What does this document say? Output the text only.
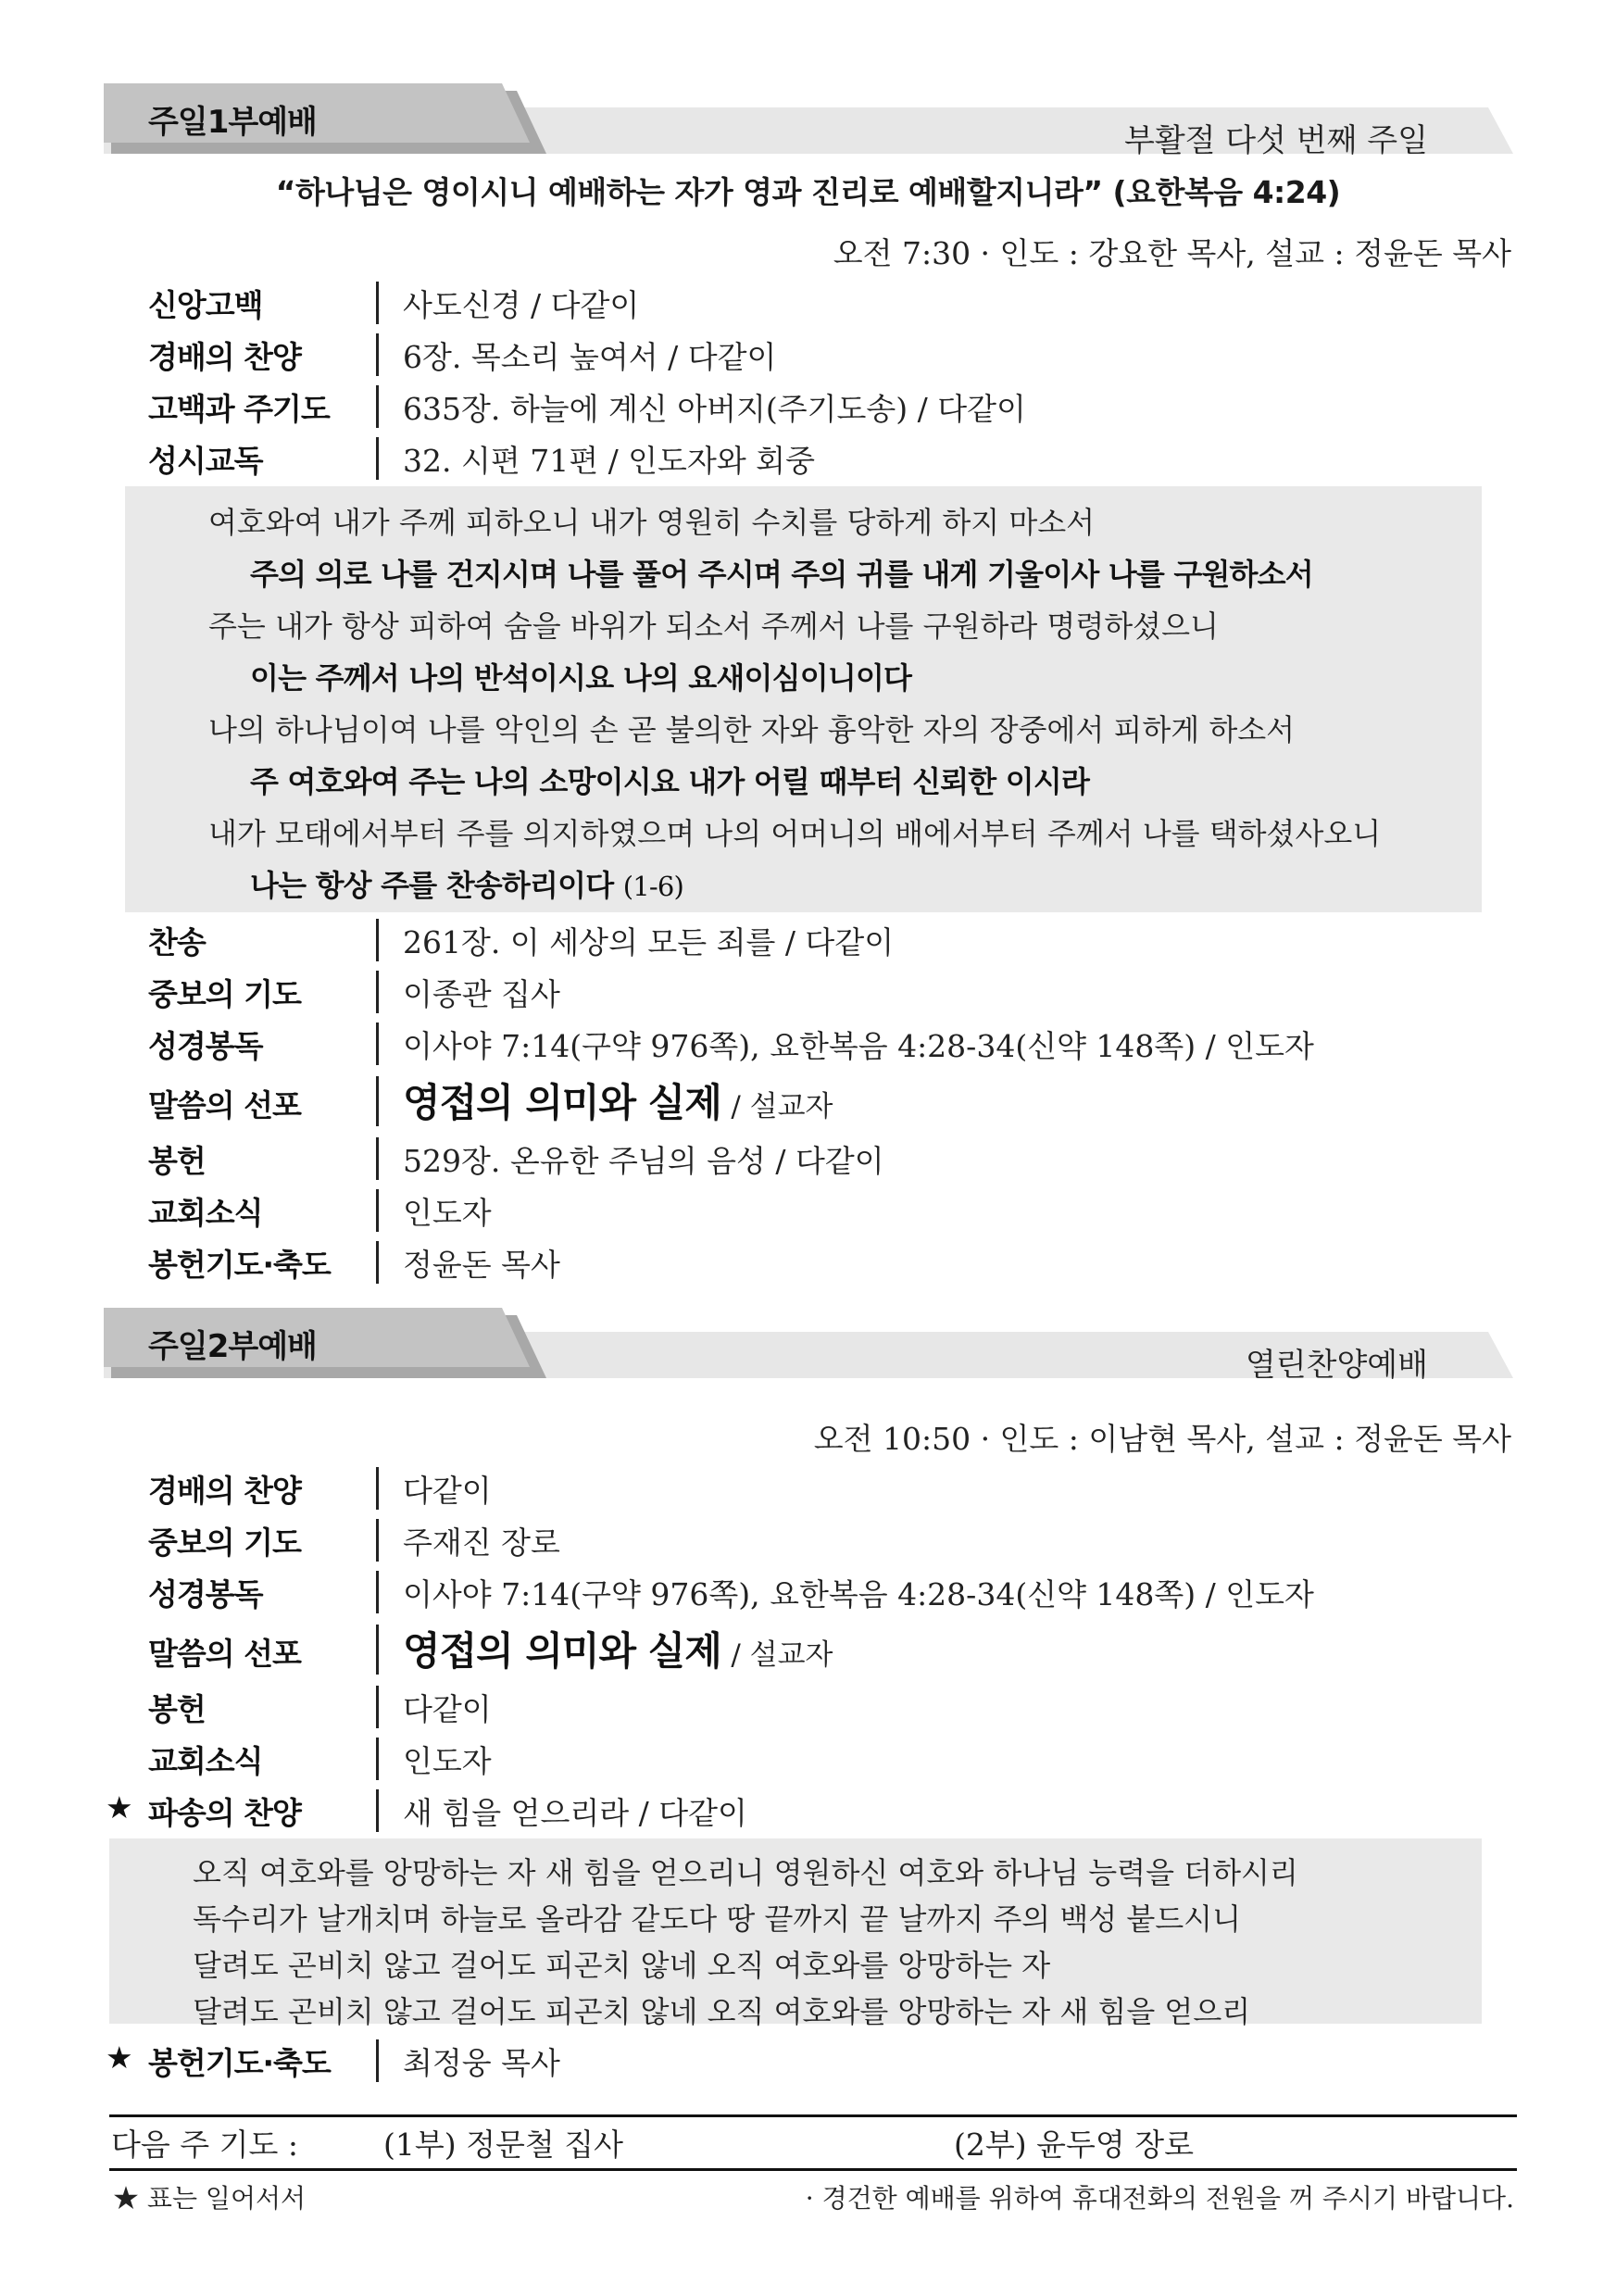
주일1부예배	부활절 다섯 번째 주일
“하나님은 영이시니 예배하는 자가 영과 진리로 예배할지니라” (요한복음 4:24)
오전 7:30 · 인도 : 강요한 목사, 설교 : 정윤돈 목사
신앙고백	사도신경 / 다같이
경배의 찬양	6장. 목소리 높여서 / 다같이
고백과 주기도	635장. 하늘에 계신 아버지(주기도송) / 다같이
성시교독	32. 시편 71편 / 인도자와 회중
여호와여 내가 주께 피하오니 내가 영원히 수치를 당하게 하지 마소서
주의 의로 나를 건지시며 나를 풀어 주시며 주의 귀를 내게 기울이사 나를 구원하소서
주는 내가 항상 피하여 숨을 바위가 되소서 주께서 나를 구원하라 명령하셨으니
이는 주께서 나의 반석이시요 나의 요새이심이니이다
나의 하나님이여 나를 악인의 손 곧 불의한 자와 흉악한 자의 장중에서 피하게 하소서
주 여호와여 주는 나의 소망이시요 내가 어릴 때부터 신뢰한 이시라
내가 모태에서부터 주를 의지하였으며 나의 어머니의 배에서부터 주께서 나를 택하셨사오니
나는 항상 주를 찬송하리이다 (1-6)
찬송	261장. 이 세상의 모든 죄를 / 다같이
중보의 기도	이종관 집사
성경봉독	이사야 7:14(구약 976쪽), 요한복음 4:28-34(신약 148쪽) / 인도자
말씀의 선포	영접의 의미와 실제 / 설교자
봉헌	529장. 온유한 주님의 음성 / 다같이
교회소식	인도자
봉헌기도·축도	정윤돈 목사
주일2부예배	열린찬양예배
오전 10:50 · 인도 : 이남현 목사, 설교 : 정윤돈 목사
경배의 찬양	다같이
중보의 기도	주재진 장로
성경봉독	이사야 7:14(구약 976쪽), 요한복음 4:28-34(신약 148쪽) / 인도자
말씀의 선포	영접의 의미와 실제 / 설교자
봉헌	다같이
교회소식	인도자
★ 파송의 찬양	새 힘을 얻으리라 / 다같이
오직 여호와를 앙망하는 자 새 힘을 얻으리니 영원하신 여호와 하나님 능력을 더하시리
독수리가 날개치며 하늘로 올라감 같도다 땅 끝까지 끝 날까지 주의 백성 붙드시니
달려도 곤비치 않고 걸어도 피곤치 않네 오직 여호와를 앙망하는 자
달려도 곤비치 않고 걸어도 피곤치 않네 오직 여호와를 앙망하는 자 새 힘을 얻으리
★ 봉헌기도·축도	최정웅 목사
다음 주 기도 :	(1부) 정문철 집사	(2부) 윤두영 장로
★ 표는 일어서서	· 경건한 예배를 위하여 휴대전화의 전원을 꺼 주시기 바랍니다.
